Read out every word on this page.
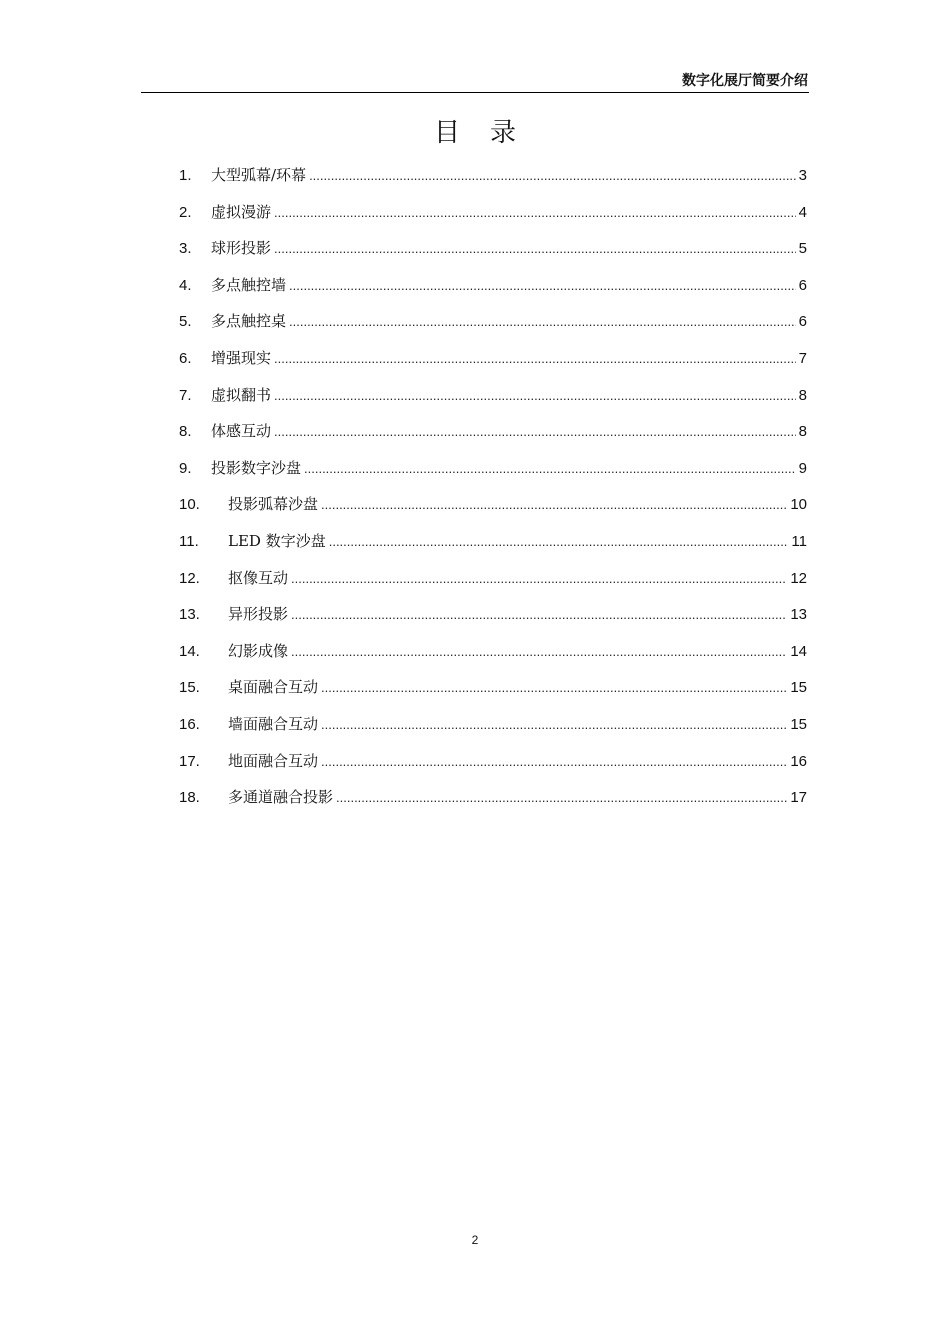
数字化展厅简要介绍
目录
1.	大型弧幕/环幕 .....	3
2.	虚拟漫游 .....	4
3.	球形投影 .....	5
4.	多点触控墙 .....	6
5.	多点触控桌 .....	6
6.	增强现实 .....	7
7.	虚拟翻书 .....	8
8.	体感互动 .....	8
9.	投影数字沙盘 .....	9
10.	投影弧幕沙盘 .....	10
11.	LED 数字沙盘 .....	11
12.	抠像互动 .....	12
13.	异形投影 .....	13
14.	幻影成像 .....	14
15.	桌面融合互动 .....	15
16.	墙面融合互动 .....	15
17.	地面融合互动 .....	16
18.	多通道融合投影 .....	17
2
